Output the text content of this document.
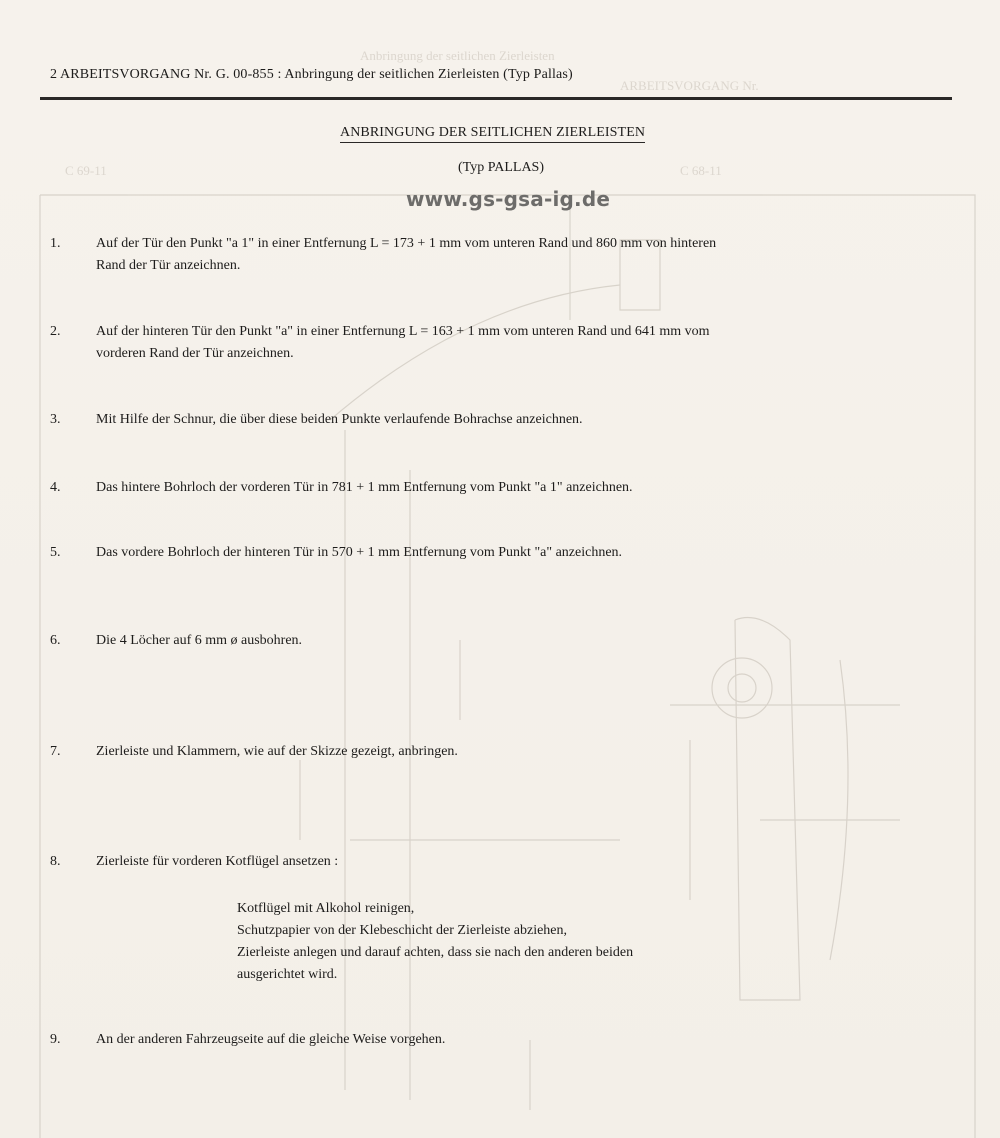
Anbringung der seitlichen Zierleisten
ARBEITSVORGANG Nr.
C 69-11	C 68-11
2 ARBEITSVORGANG Nr. G. 00-855 : Anbringung der seitlichen Zierleisten (Typ Pallas)
ANBRINGUNG DER SEITLICHEN ZIERLEISTEN
(Typ PALLAS)
www.gs-gsa-ig.de
1.	Auf der Tür den Punkt "a 1" in einer Entfernung L = 173 + 1 mm vom unteren Rand und 860 mm von hinteren
Rand der Tür anzeichnen.
2.	Auf der hinteren Tür den Punkt "a" in einer Entfernung L = 163 + 1 mm vom unteren Rand und 641 mm vom
vorderen Rand der Tür anzeichnen.
3.	Mit Hilfe der Schnur, die über diese beiden Punkte verlaufende Bohrachse anzeichnen.
4.	Das hintere Bohrloch der vorderen Tür in 781 + 1 mm Entfernung vom Punkt "a 1" anzeichnen.
5.	Das vordere Bohrloch der hinteren Tür in 570 + 1 mm Entfernung vom Punkt "a" anzeichnen.
6.	Die 4 Löcher auf 6 mm ø ausbohren.
7.	Zierleiste und Klammern, wie auf der Skizze gezeigt, anbringen.
8.	Zierleiste für vorderen Kotflügel ansetzen :
Kotflügel mit Alkohol reinigen,
Schutzpapier von der Klebeschicht der Zierleiste abziehen,
Zierleiste anlegen und darauf achten, dass sie nach den anderen beiden
ausgerichtet wird.
9.	An der anderen Fahrzeugseite auf die gleiche Weise vorgehen.
